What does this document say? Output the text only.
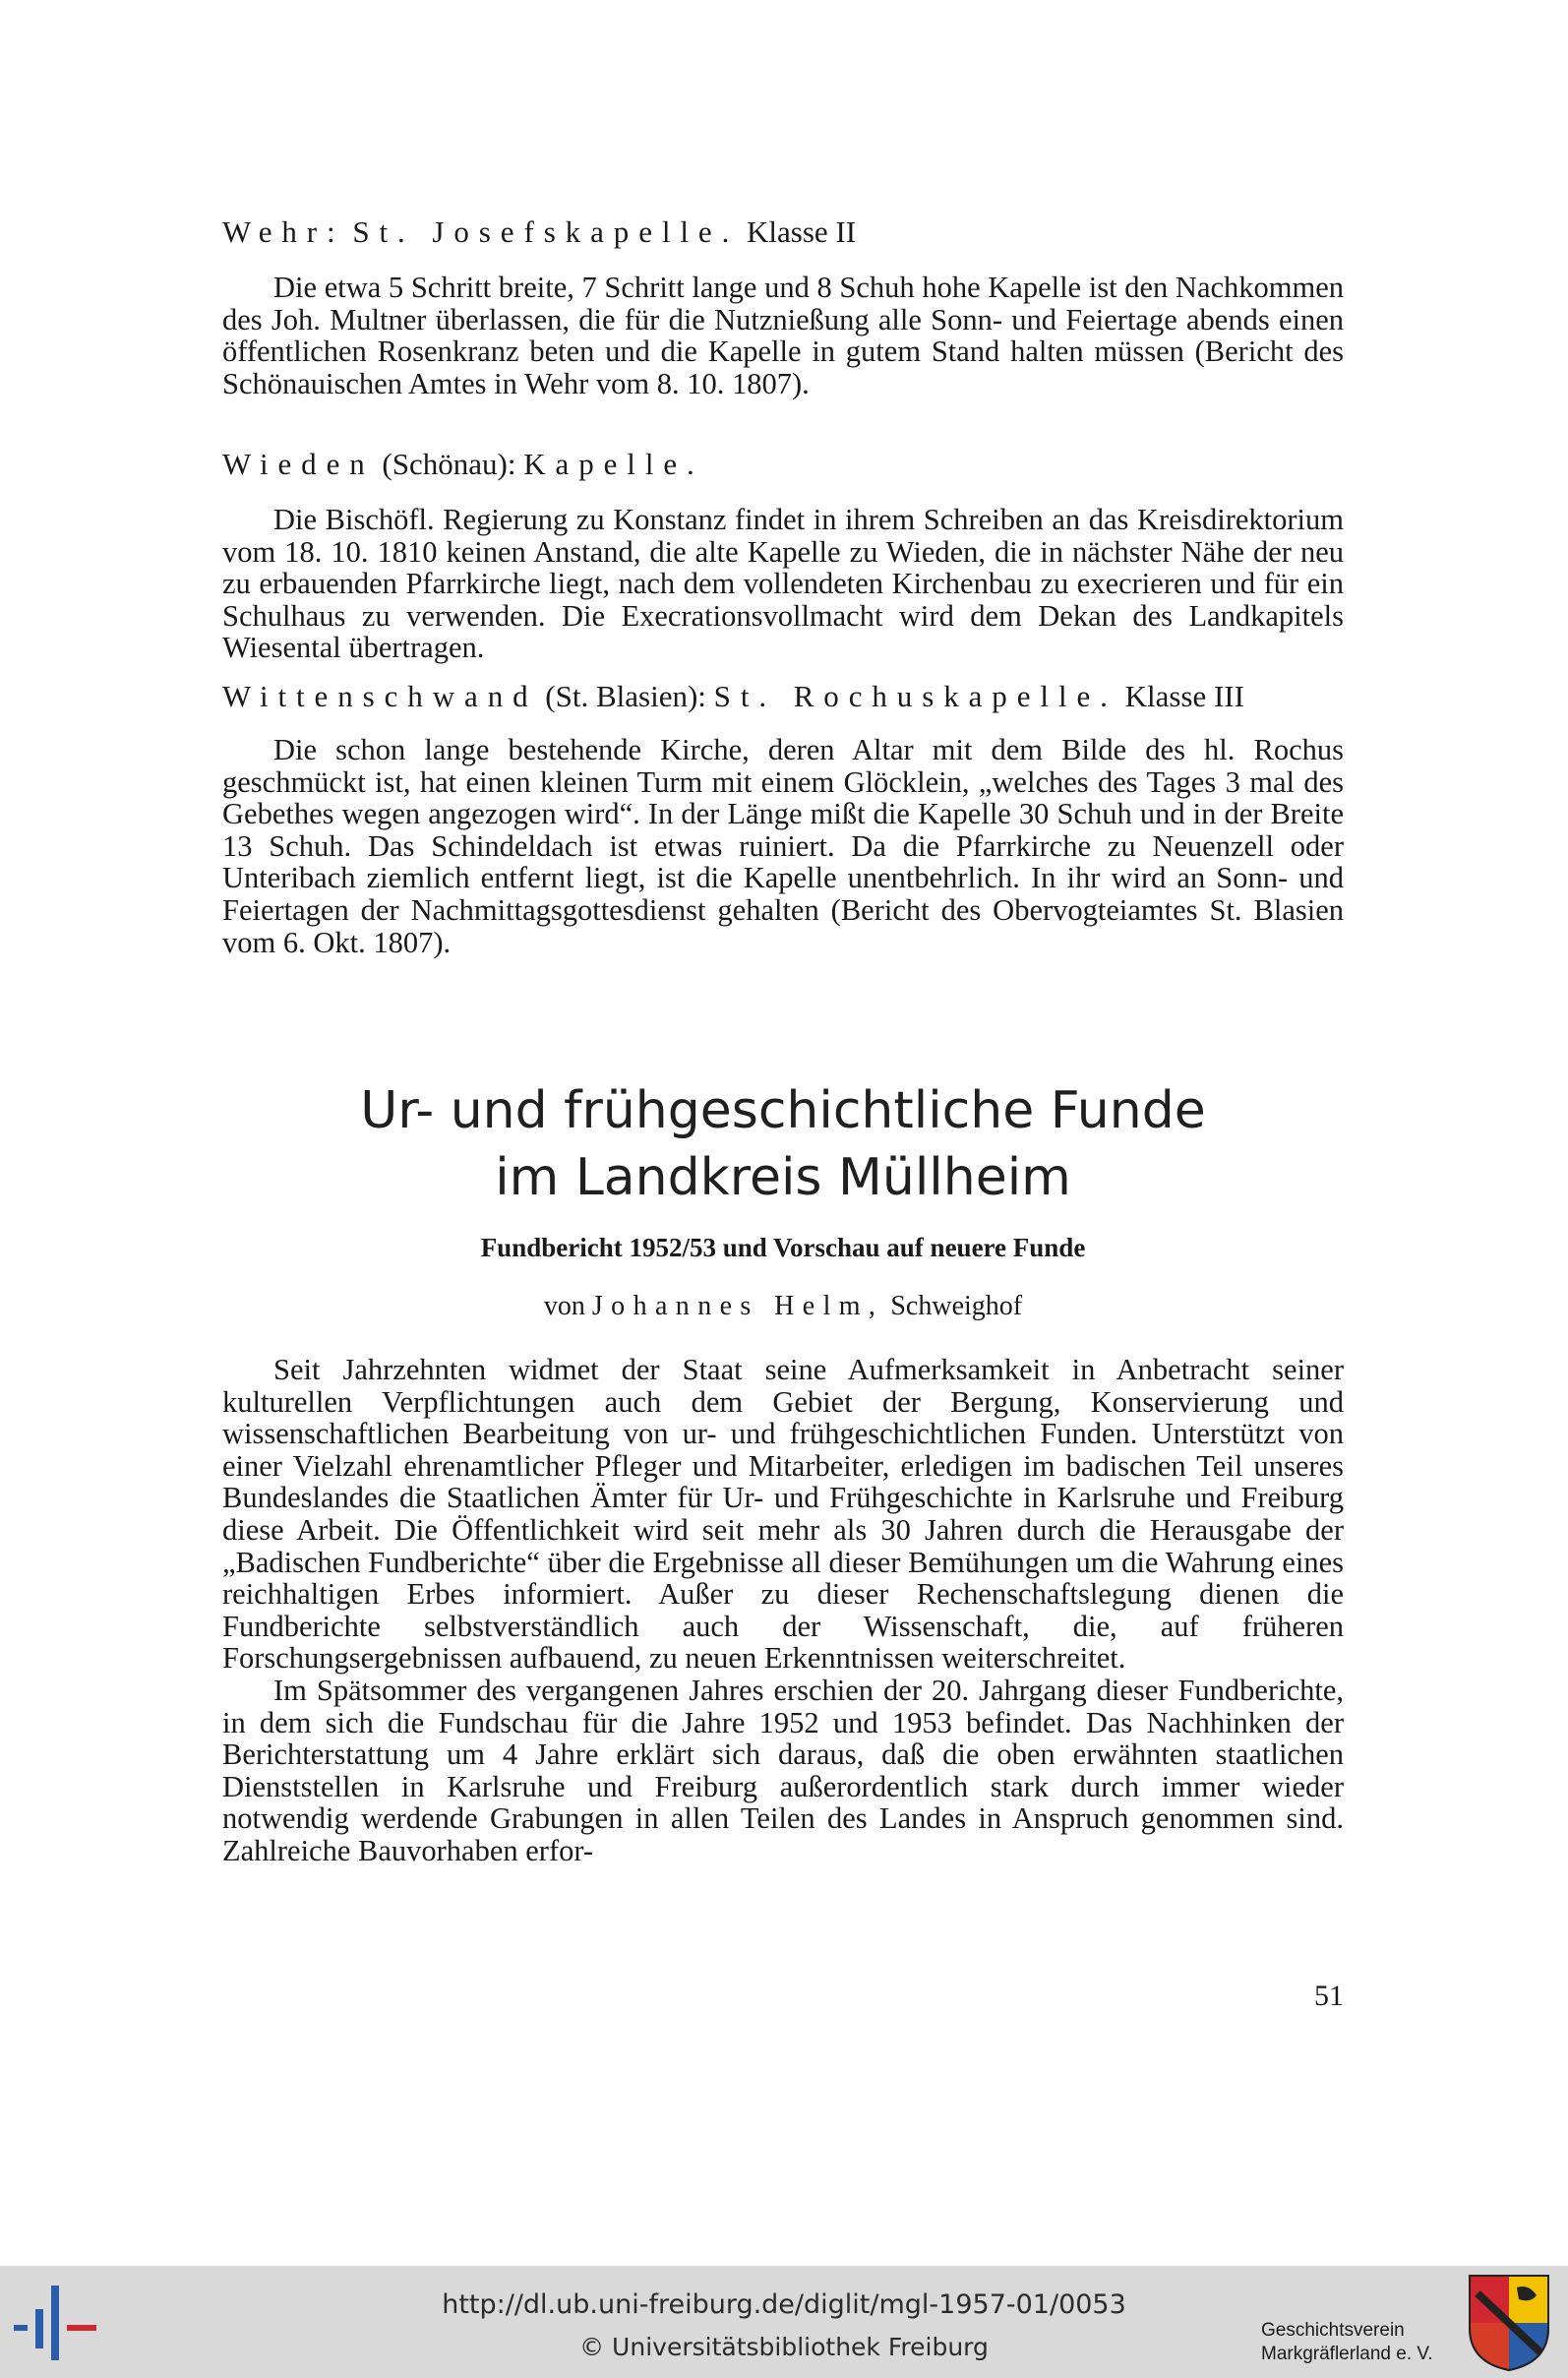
Wehr: St. Josefskapelle. Klasse II

Die etwa 5 Schritt breite, 7 Schritt lange und 8 Schuh hohe Kapelle ist den Nachkommen des Joh. Multner überlassen, die für die Nutznießung alle Sonn- und Feiertage abends einen öffentlichen Rosenkranz beten und die Kapelle in gutem Stand halten müssen (Bericht des Schönauischen Amtes in Wehr vom 8. 10. 1807).

Wieden (Schönau): Kapelle.

Die Bischöfl. Regierung zu Konstanz findet in ihrem Schreiben an das Kreisdirektorium vom 18. 10. 1810 keinen Anstand, die alte Kapelle zu Wieden, die in nächster Nähe der neu zu erbauenden Pfarrkirche liegt, nach dem vollendeten Kirchenbau zu execrieren und für ein Schulhaus zu verwenden. Die Execrationsvollmacht wird dem Dekan des Landkapitels Wiesental übertragen.

Wittenschwand (St. Blasien): St. Rochuskapelle. Klasse III

Die schon lange bestehende Kirche, deren Altar mit dem Bilde des hl. Rochus geschmückt ist, hat einen kleinen Turm mit einem Glöcklein, „welches des Tages 3 mal des Gebethes wegen angezogen wird“. In der Länge mißt die Kapelle 30 Schuh und in der Breite 13 Schuh. Das Schindeldach ist etwas ruiniert. Da die Pfarrkirche zu Neuenzell oder Unteribach ziemlich entfernt liegt, ist die Kapelle unentbehrlich. In ihr wird an Sonn- und Feiertagen der Nachmittagsgottesdienst gehalten (Bericht des Obervogteiamtes St. Blasien vom 6. Okt. 1807).

Ur- und frühgeschichtliche Funde
im Landkreis Müllheim
Fundbericht 1952/53 und Vorschau auf neuere Funde
von Johannes Helm, Schweighof

Seit Jahrzehnten widmet der Staat seine Aufmerksamkeit in Anbetracht seiner kulturellen Verpflichtungen auch dem Gebiet der Bergung, Konservierung und wissenschaftlichen Bearbeitung von ur- und frühgeschichtlichen Funden. Unterstützt von einer Vielzahl ehrenamtlicher Pfleger und Mitarbeiter, erledigen im badischen Teil unseres Bundeslandes die Staatlichen Ämter für Ur- und Frühgeschichte in Karlsruhe und Freiburg diese Arbeit. Die Öffentlichkeit wird seit mehr als 30 Jahren durch die Herausgabe der „Badischen Fundberichte“ über die Ergebnisse all dieser Bemühungen um die Wahrung eines reichhaltigen Erbes informiert. Außer zu dieser Rechenschaftslegung dienen die Fundberichte selbstverständlich auch der Wissenschaft, die, auf früheren Forschungsergebnissen aufbauend, zu neuen Erkenntnissen weiterschreitet.

Im Spätsommer des vergangenen Jahres erschien der 20. Jahrgang dieser Fundberichte, in dem sich die Fundschau für die Jahre 1952 und 1953 befindet. Das Nachhinken der Berichterstattung um 4 Jahre erklärt sich daraus, daß die oben erwähnten staatlichen Dienststellen in Karlsruhe und Freiburg außerordentlich stark durch immer wieder notwendig werdende Grabungen in allen Teilen des Landes in Anspruch genommen sind. Zahlreiche Bauvorhaben erfor-

51
http://dl.ub.uni-freiburg.de/diglit/mgl-1957-01/0053
© Universitätsbibliothek Freiburg
Geschichtsverein
Markgräflerland e. V.
